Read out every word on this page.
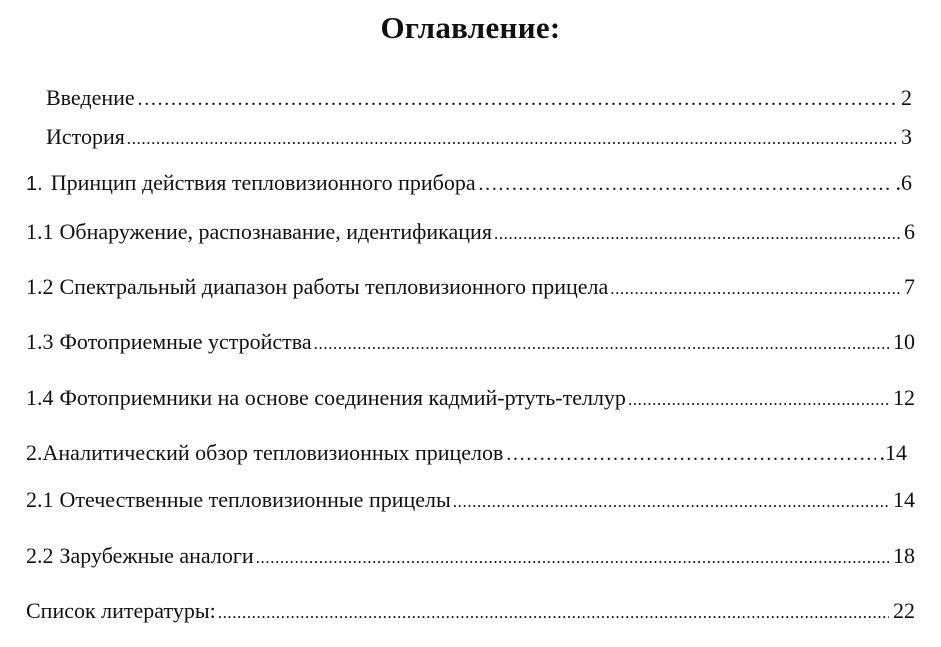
Оглавление:
Введение ………………………………………………………………………………………………………………………………………………………………	2
История .....	3
1. Принцип действия тепловизионного прибора ………………………………………………………………………………………………………………………………………………………………	.6
1.1 Обнаружение, распознавание, идентификация .....	6
1.2 Спектральный диапазон работы тепловизионного прицела .....	7
1.3 Фотоприемные устройства .....	10
1.4 Фотоприемники на основе соединения кадмий-ртуть-теллур .....	12
2. Аналитический обзор тепловизионных прицелов ………………………………………………………………………………………………………………………………………………………………	.14
2.1 Отечественные тепловизионные прицелы .....	14
2.2 Зарубежные аналоги .....	18
Список литературы: .....	22
